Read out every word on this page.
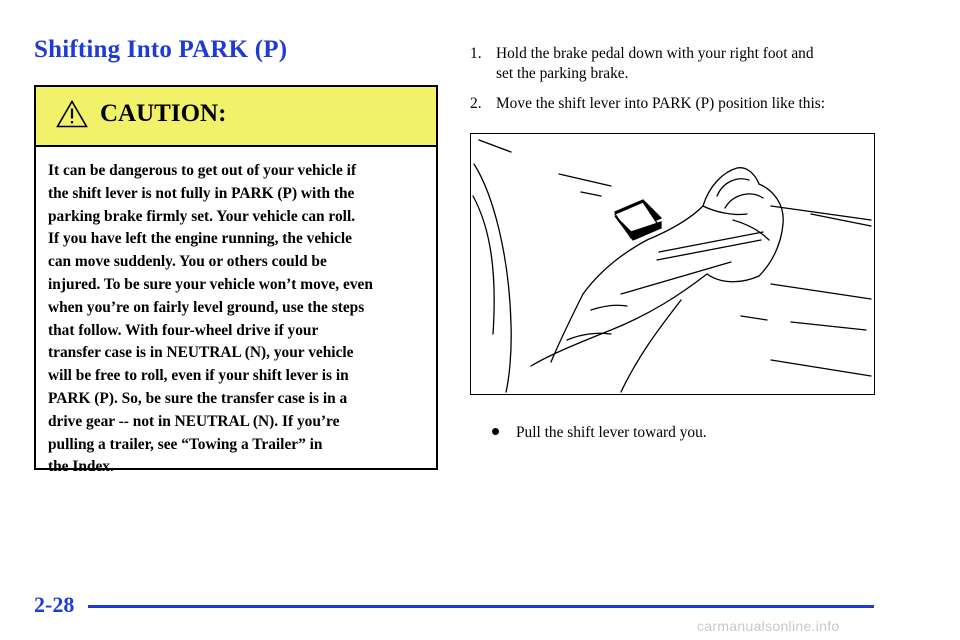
Shifting Into PARK (P)
CAUTION:

It can be dangerous to get out of your vehicle if
the shift lever is not fully in PARK (P) with the
parking brake firmly set. Your vehicle can roll.
If you have left the engine running, the vehicle
can move suddenly. You or others could be
injured. To be sure your vehicle won’t move, even
when you’re on fairly level ground, use the steps
that follow. With four-wheel drive if your
transfer case is in NEUTRAL (N), your vehicle
will be free to roll, even if your shift lever is in
PARK (P). So, be sure the transfer case is in a
drive gear -- not in NEUTRAL (N). If you’re
pulling a trailer, see “Towing a Trailer” in
the Index.

1. Hold the brake pedal down with your right foot and
set the parking brake.
2. Move the shift lever into PARK (P) position like this:
Pull the shift lever toward you.
2-28
carmanualsonline.info
